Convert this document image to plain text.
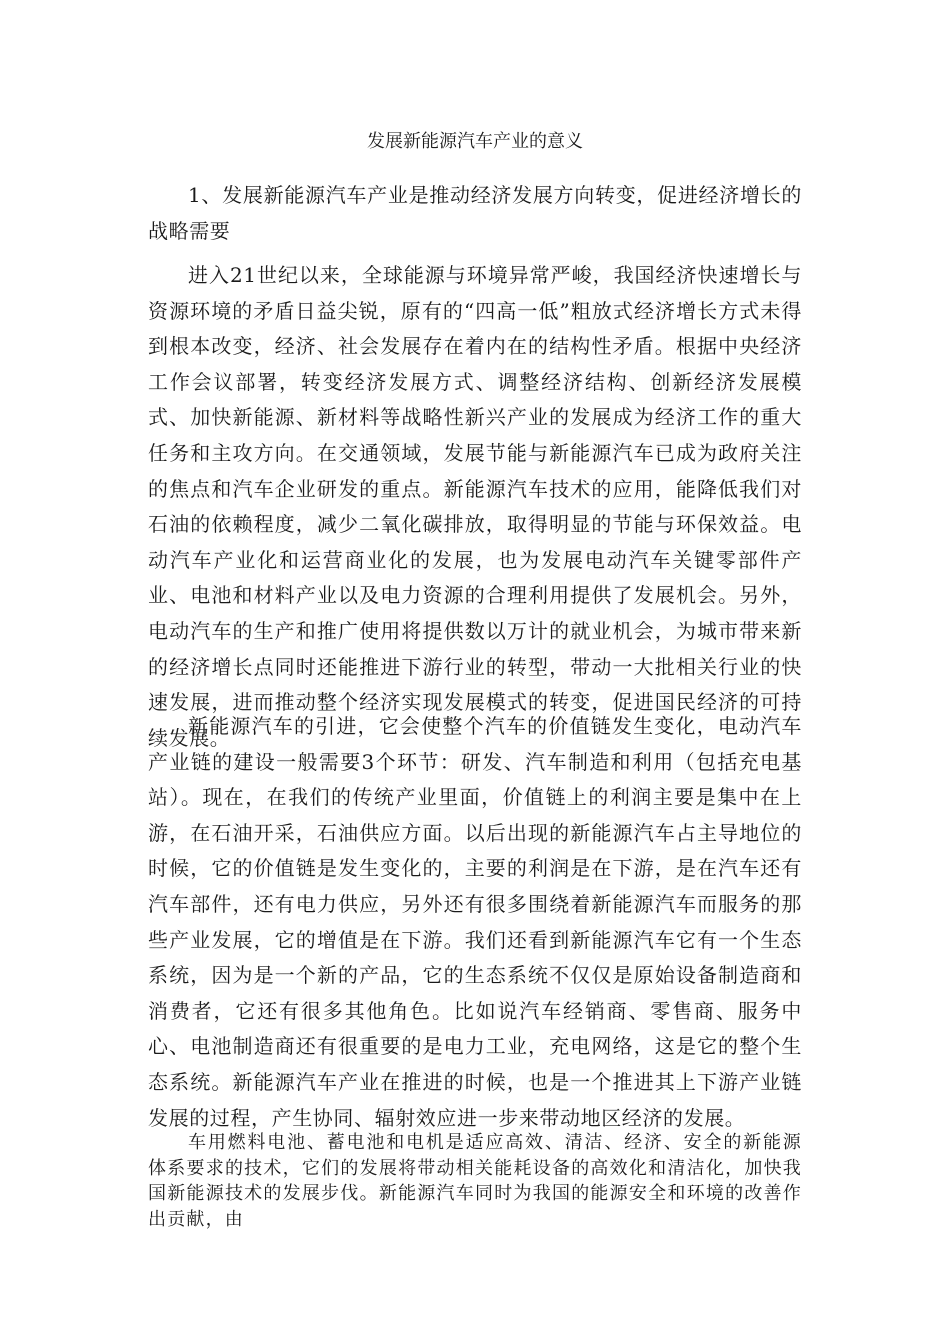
发展新能源汽车产业的意义

1、发展新能源汽车产业是推动经济发展方向转变，促进经济增长的战略需要

进入21世纪以来，全球能源与环境异常严峻，我国经济快速增长与资源环境的矛盾日益尖锐，原有的“四高一低”粗放式经济增长方式未得到根本改变，经济、社会发展存在着内在的结构性矛盾。根据中央经济工作会议部署，转变经济发展方式、调整经济结构、创新经济发展模式、加快新能源、新材料等战略性新兴产业的发展成为经济工作的重大任务和主攻方向。在交通领域，发展节能与新能源汽车已成为政府关注的焦点和汽车企业研发的重点。新能源汽车技术的应用，能降低我们对石油的依赖程度，减少二氧化碳排放，取得明显的节能与环保效益。电动汽车产业化和运营商业化的发展，也为发展电动汽车关键零部件产业、电池和材料产业以及电力资源的合理利用提供了发展机会。另外，电动汽车的生产和推广使用将提供数以万计的就业机会，为城市带来新的经济增长点同时还能推进下游行业的转型，带动一大批相关行业的快速发展，进而推动整个经济实现发展模式的转变，促进国民经济的可持续发展。

新能源汽车的引进，它会使整个汽车的价值链发生变化，电动汽车产业链的建设一般需要3个环节：研发、汽车制造和利用（包括充电基站）。现在，在我们的传统产业里面，价值链上的利润主要是集中在上游，在石油开采，石油供应方面。以后出现的新能源汽车占主导地位的时候，它的价值链是发生变化的，主要的利润是在下游，是在汽车还有汽车部件，还有电力供应，另外还有很多围绕着新能源汽车而服务的那些产业发展，它的增值是在下游。我们还看到新能源汽车它有一个生态系统，因为是一个新的产品，它的生态系统不仅仅是原始设备制造商和消费者，它还有很多其他角色。比如说汽车经销商、零售商、服务中心、电池制造商还有很重要的是电力工业，充电网络，这是它的整个生态系统。新能源汽车产业在推进的时候，也是一个推进其上下游产业链发展的过程，产生协同、辐射效应进一步来带动地区经济的发展。

车用燃料电池、蓄电池和电机是适应高效、清洁、经济、安全的新能源体系要求的技术，它们的发展将带动相关能耗设备的高效化和清洁化，加快我国新能源技术的发展步伐。新能源汽车同时为我国的能源安全和环境的改善作出贡献，由
